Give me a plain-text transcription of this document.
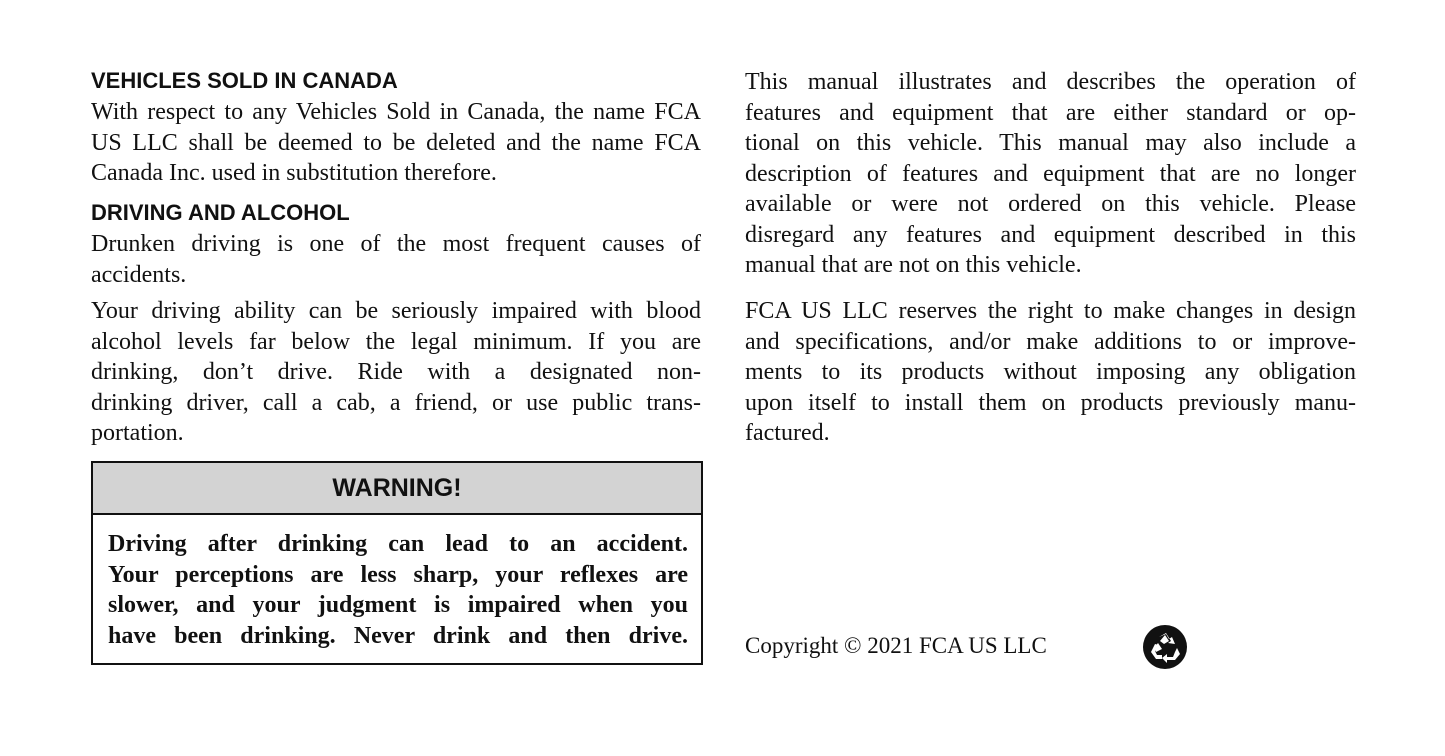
VEHICLES SOLD IN CANADA
With respect to any Vehicles Sold in Canada, the name FCA
US LLC shall be deemed to be deleted and the name FCA
Canada Inc. used in substitution therefore.
DRIVING AND ALCOHOL
Drunken driving is one of the most frequent causes of
accidents.
Your driving ability can be seriously impaired with blood
alcohol levels far below the legal minimum. If you are
drinking, don’t drive. Ride with a designated non-
drinking driver, call a cab, a friend, or use public trans-
portation.
WARNING!
Driving after drinking can lead to an accident.
Your perceptions are less sharp, your reflexes are
slower, and your judgment is impaired when you
have been drinking. Never drink and then drive.
This manual illustrates and describes the operation of
features and equipment that are either standard or op-
tional on this vehicle. This manual may also include a
description of features and equipment that are no longer
available or were not ordered on this vehicle. Please
disregard any features and equipment described in this
manual that are not on this vehicle.
FCA US LLC reserves the right to make changes in design
and specifications, and/or make additions to or improve-
ments to its products without imposing any obligation
upon itself to install them on products previously manu-
factured.
Copyright © 2021 FCA US LLC
